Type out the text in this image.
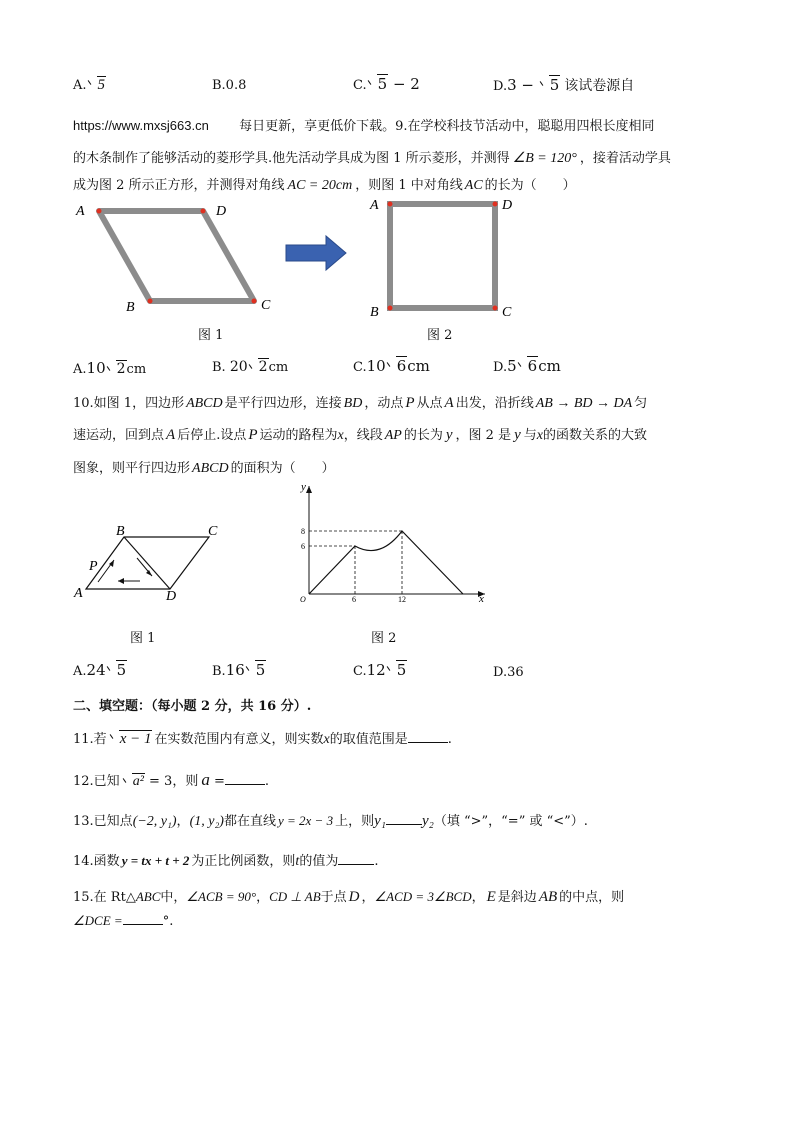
A. 5	B.0.8	C. 5 − 2	D.3 − 5 该试卷源自
https://www.mxsj663.cn 每日更新，享更低价下载。9.在学校科技节活动中，聪聪用四根长度相同
的木条制作了能够活动的菱形学具.他先活动学具成为图 1 所示菱形，并测得 ∠B = 120° ，接着活动学具
成为图 2 所示正方形，并测得对角线 AC = 20cm ，则图 1 中对角线 AC 的长为（　　）
A	D
C
B
图 1
A	D
C
B
图 2
A.10 2cm	B. 20 2cm	C.10 6cm	D.5 6cm
10.如图 1，四边形 ABCD 是平行四边形，连接 BD ，动点 P 从点 A 出发，沿折线 AB → BD → DA 匀
速运动，回到点 A 后停止.设点 P 运动的路程为x，线段 AP 的长为 y ，图 2 是 y 与x的函数关系的大致
图象，则平行四边形 ABCD 的面积为（　　）
A
B	C
D
P
图 1
y
x
O	6	12
6
8
图 2
A.24 5	B.16 5	C.12 5	D.36
二、填空题：（每小题 2 分，共 16 分）.
11.若 x − 1 在实数范围内有意义，则实数x的取值范围是	.
12.已知 a² = 3，则 a =	.
13.已知点(−2, y₁)，(1, y₂)都在直线 y = 2x − 3 上，则y₁ y₂（填 “>”，“=” 或 “<”）.
14.函数 y = tx + t + 2 为正比例函数，则t的值为	.
15.在 Rt△ABC中，∠ACB = 90°，CD ⊥ AB于点 D ，∠ACD = 3∠BCD， E 是斜边 AB 的中点，则
∠DCE =	°.
